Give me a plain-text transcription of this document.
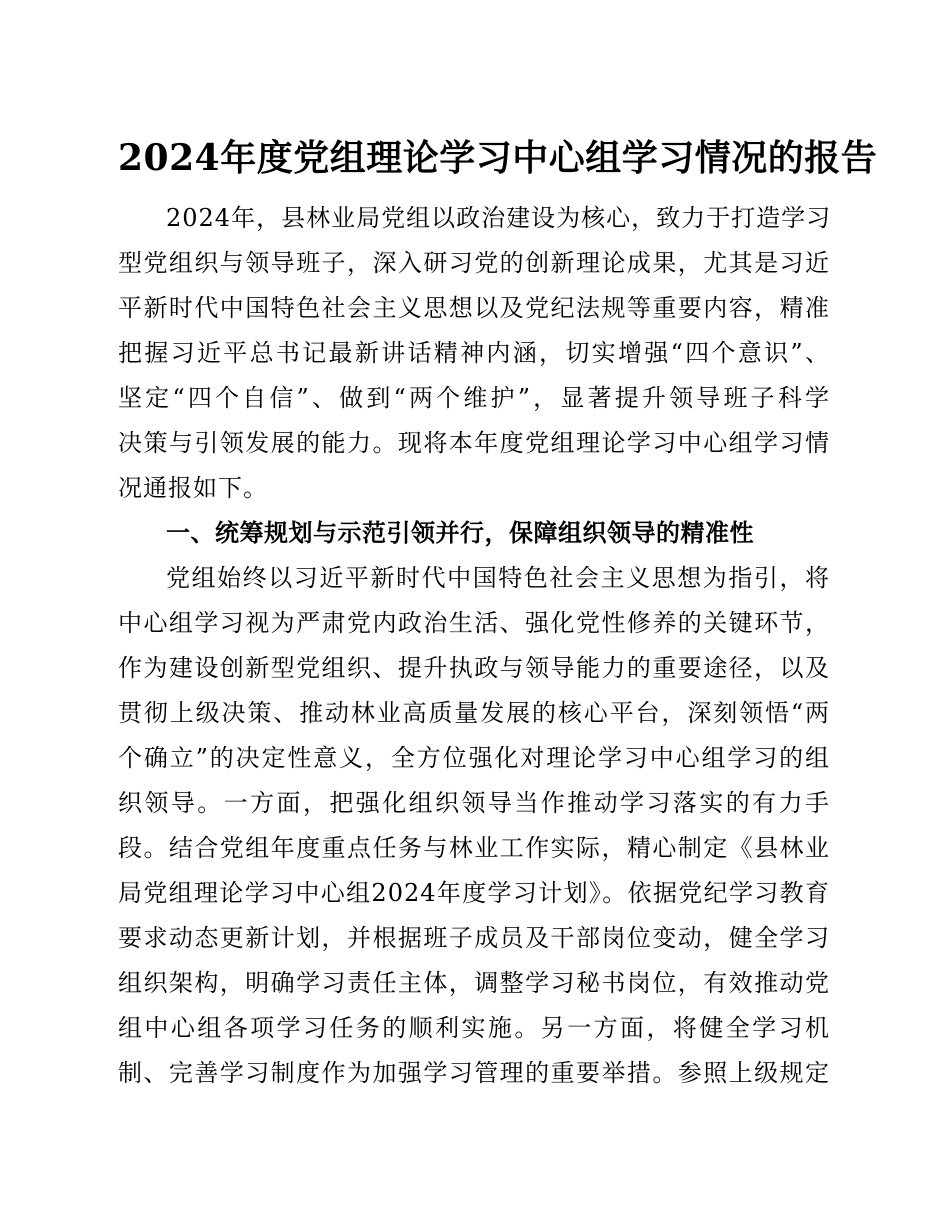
2024年度党组理论学习中心组学习情况的报告
2024年，县林业局党组以政治建设为核心，致力于打造学习
型党组织与领导班子，深入研习党的创新理论成果，尤其是习近
平新时代中国特色社会主义思想以及党纪法规等重要内容，精准
把握习近平总书记最新讲话精神内涵，切实增强“四个意识”、
坚定“四个自信”、做到“两个维护”，显著提升领导班子科学
决策与引领发展的能力。现将本年度党组理论学习中心组学习情
况通报如下。
一、统筹规划与示范引领并行，保障组织领导的精准性
党组始终以习近平新时代中国特色社会主义思想为指引，将
中心组学习视为严肃党内政治生活、强化党性修养的关键环节，
作为建设创新型党组织、提升执政与领导能力的重要途径，以及
贯彻上级决策、推动林业高质量发展的核心平台，深刻领悟“两
个确立”的决定性意义，全方位强化对理论学习中心组学习的组
织领导。一方面，把强化组织领导当作推动学习落实的有力手
段。结合党组年度重点任务与林业工作实际，精心制定《县林业
局党组理论学习中心组2024年度学习计划》。依据党纪学习教育
要求动态更新计划，并根据班子成员及干部岗位变动，健全学习
组织架构，明确学习责任主体，调整学习秘书岗位，有效推动党
组中心组各项学习任务的顺利实施。另一方面，将健全学习机
制、完善学习制度作为加强学习管理的重要举措。参照上级规定
